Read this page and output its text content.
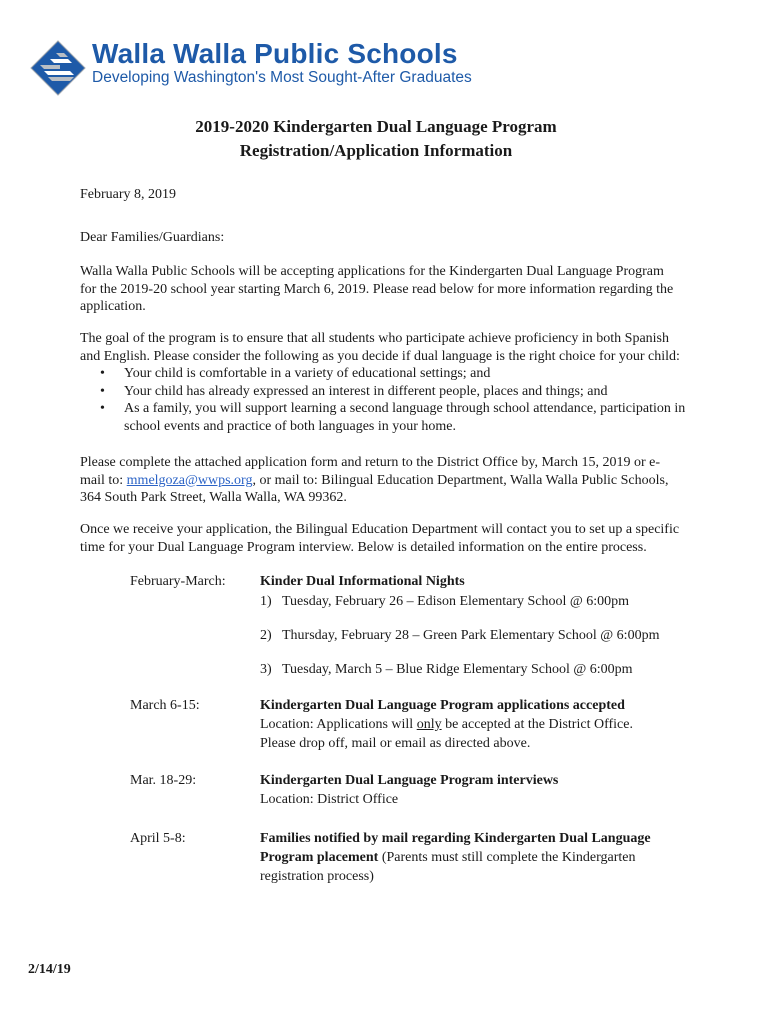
Walla Walla Public Schools
Developing Washington's Most Sought-After Graduates
2019-2020 Kindergarten Dual Language Program
Registration/Application Information
February 8, 2019
Dear Families/Guardians:
Walla Walla Public Schools will be accepting applications for the Kindergarten Dual Language Program
for the 2019-20 school year starting March 6, 2019. Please read below for more information regarding the
application.
The goal of the program is to ensure that all students who participate achieve proficiency in both Spanish
and English. Please consider the following as you decide if dual language is the right choice for your child:
• Your child is comfortable in a variety of educational settings; and
• Your child has already expressed an interest in different people, places and things; and
• As a family, you will support learning a second language through school attendance, participation in school events and practice of both languages in your home.
Please complete the attached application form and return to the District Office by, March 15, 2019 or e-
mail to: mmelgoza@wwps.org, or mail to: Bilingual Education Department, Walla Walla Public Schools,
364 South Park Street, Walla Walla, WA 99362.
Once we receive your application, the Bilingual Education Department will contact you to set up a specific
time for your Dual Language Program interview. Below is detailed information on the entire process.
February-March: Kinder Dual Informational Nights
1) Tuesday, February 26 – Edison Elementary School @ 6:00pm
2) Thursday, February 28 – Green Park Elementary School @ 6:00pm
3) Tuesday, March 5 – Blue Ridge Elementary School @ 6:00pm
March 6-15:	Kindergarten Dual Language Program applications accepted
Location: Applications will only be accepted at the District Office.
Please drop off, mail or email as directed above.
Mar. 18-29:	Kindergarten Dual Language Program interviews
Location: District Office
April 5-8:	Families notified by mail regarding Kindergarten Dual Language
Program placement (Parents must still complete the Kindergarten
registration process)
2/14/19
